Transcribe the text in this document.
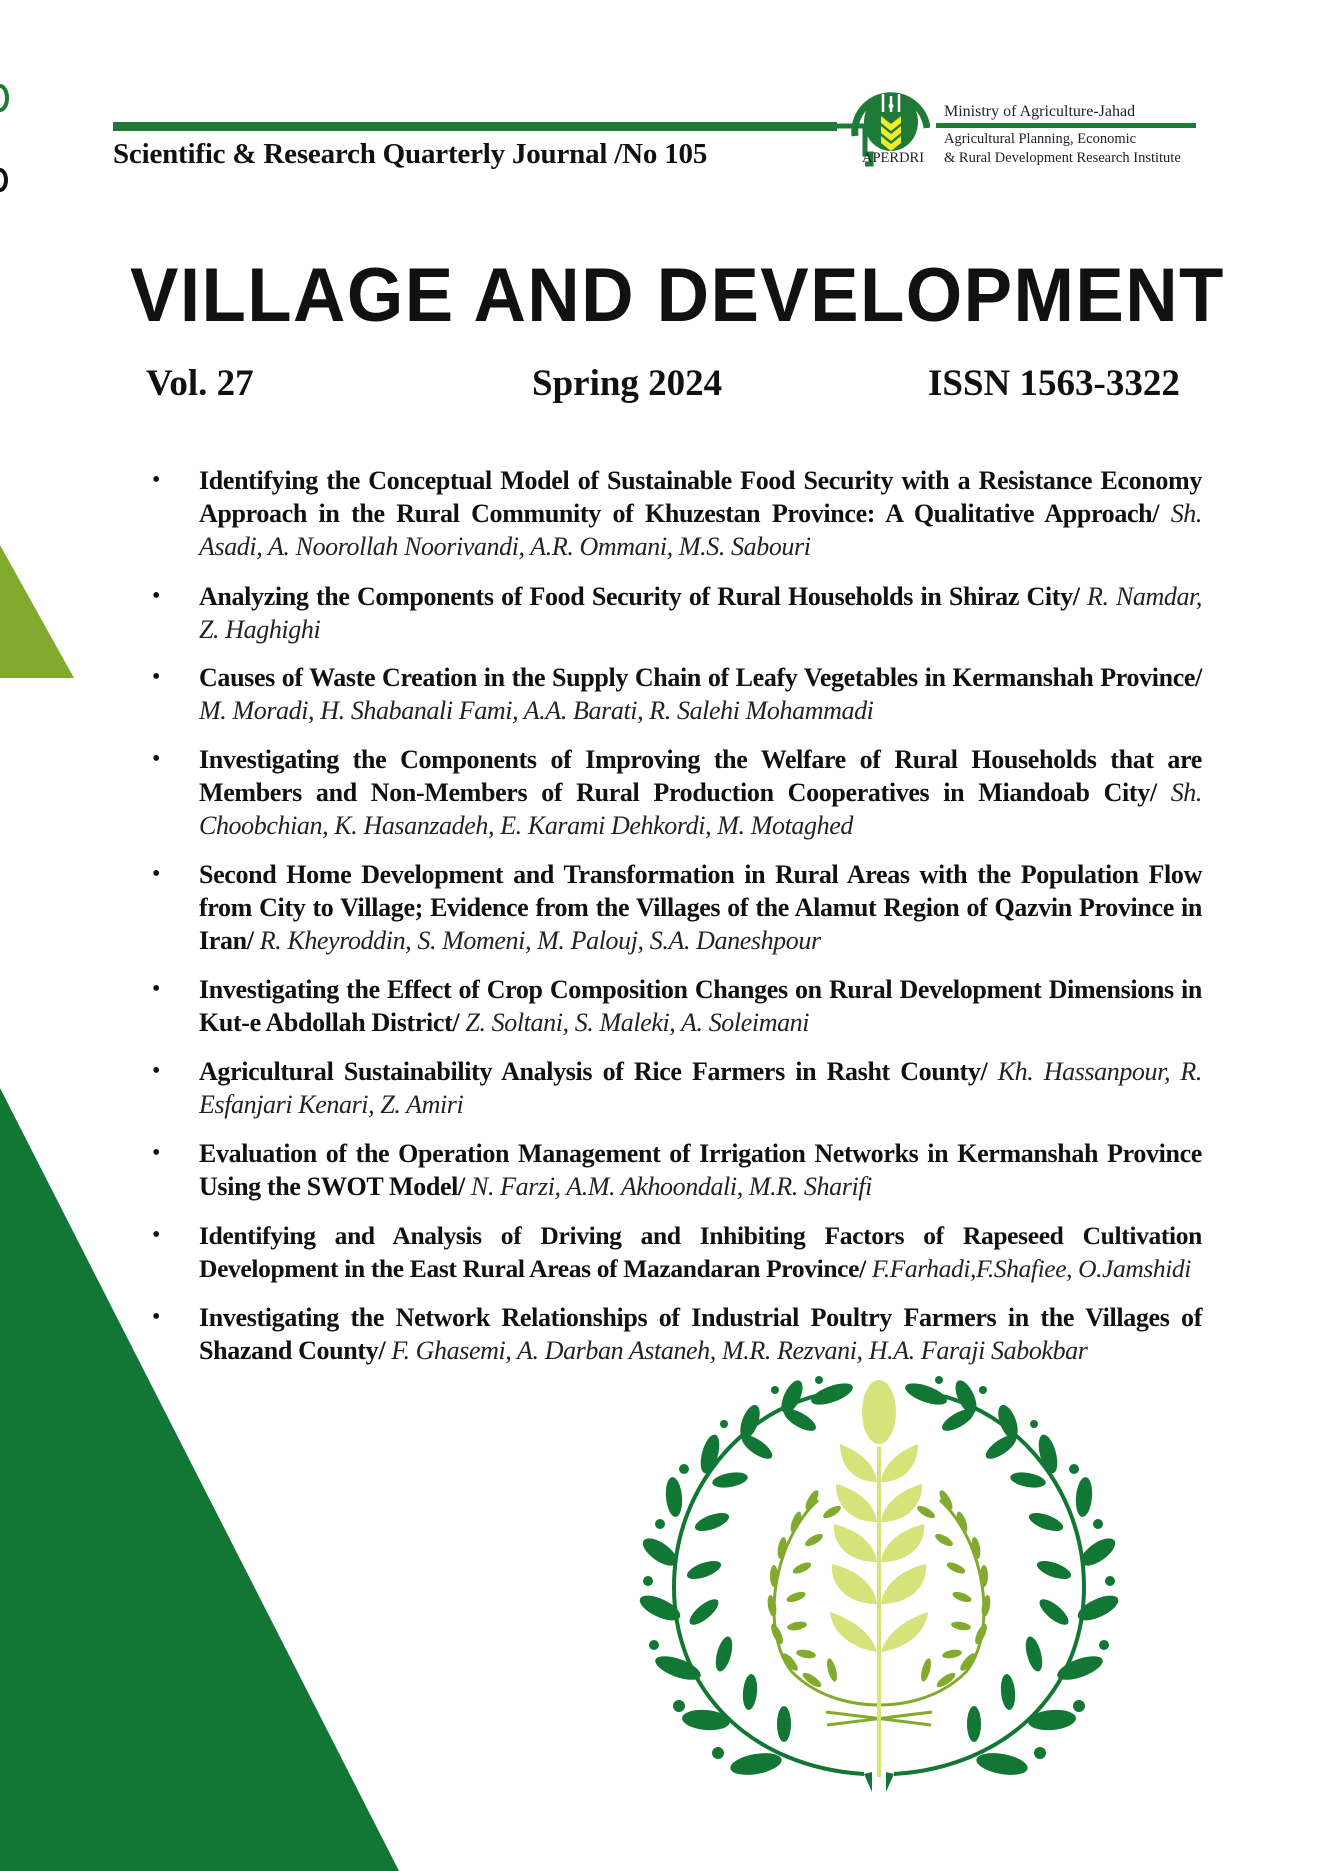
Scientific & Research Quarterly Journal /No 105	APERDRI
Ministry of Agriculture-Jahad
Agricultural Planning, Economic
& Rural Development Research Institute
VILLAGE AND DEVELOPMENT
Vol. 27	Spring 2024	ISSN 1563-3322
• Identifying the Conceptual Model of Sustainable Food Security with a Resistance Economy Approach in the Rural Community of Khuzestan Province: A Qualitative Approach/ Sh. Asadi, A. Noorollah Noorivandi, A.R. Ommani, M.S. Sabouri
• Analyzing the Components of Food Security of Rural Households in Shiraz City/ R. Namdar, Z. Haghighi
• Causes of Waste Creation in the Supply Chain of Leafy Vegetables in Kermanshah Province/ M. Moradi, H. Shabanali Fami, A.A. Barati, R. Salehi Mohammadi
• Investigating the Components of Improving the Welfare of Rural Households that are Members and Non-Members of Rural Production Cooperatives in Miandoab City/ Sh. Choobchian, K. Hasanzadeh, E. Karami Dehkordi, M. Motaghed
• Second Home Development and Transformation in Rural Areas with the Population Flow from City to Village; Evidence from the Villages of the Alamut Region of Qazvin Province in Iran/ R. Kheyroddin, S. Momeni, M. Palouj, S.A. Daneshpour
• Investigating the Effect of Crop Composition Changes on Rural Development Dimensions in Kut-e Abdollah District/ Z. Soltani, S. Maleki, A. Soleimani
• Agricultural Sustainability Analysis of Rice Farmers in Rasht County/ Kh. Hassanpour, R. Esfanjari Kenari, Z. Amiri
• Evaluation of the Operation Management of Irrigation Networks in Kermanshah Province Using the SWOT Model/ N. Farzi, A.M. Akhoondali, M.R. Sharifi
• Identifying and Analysis of Driving and Inhibiting Factors of Rapeseed Cultivation Development in the East Rural Areas of Mazandaran Province/ F.Farhadi,F.Shafiee, O.Jamshidi
• Investigating the Network Relationships of Industrial Poultry Farmers in the Villages of Shazand County/ F. Ghasemi, A. Darban Astaneh, M.R. Rezvani, H.A. Faraji Sabokbar
